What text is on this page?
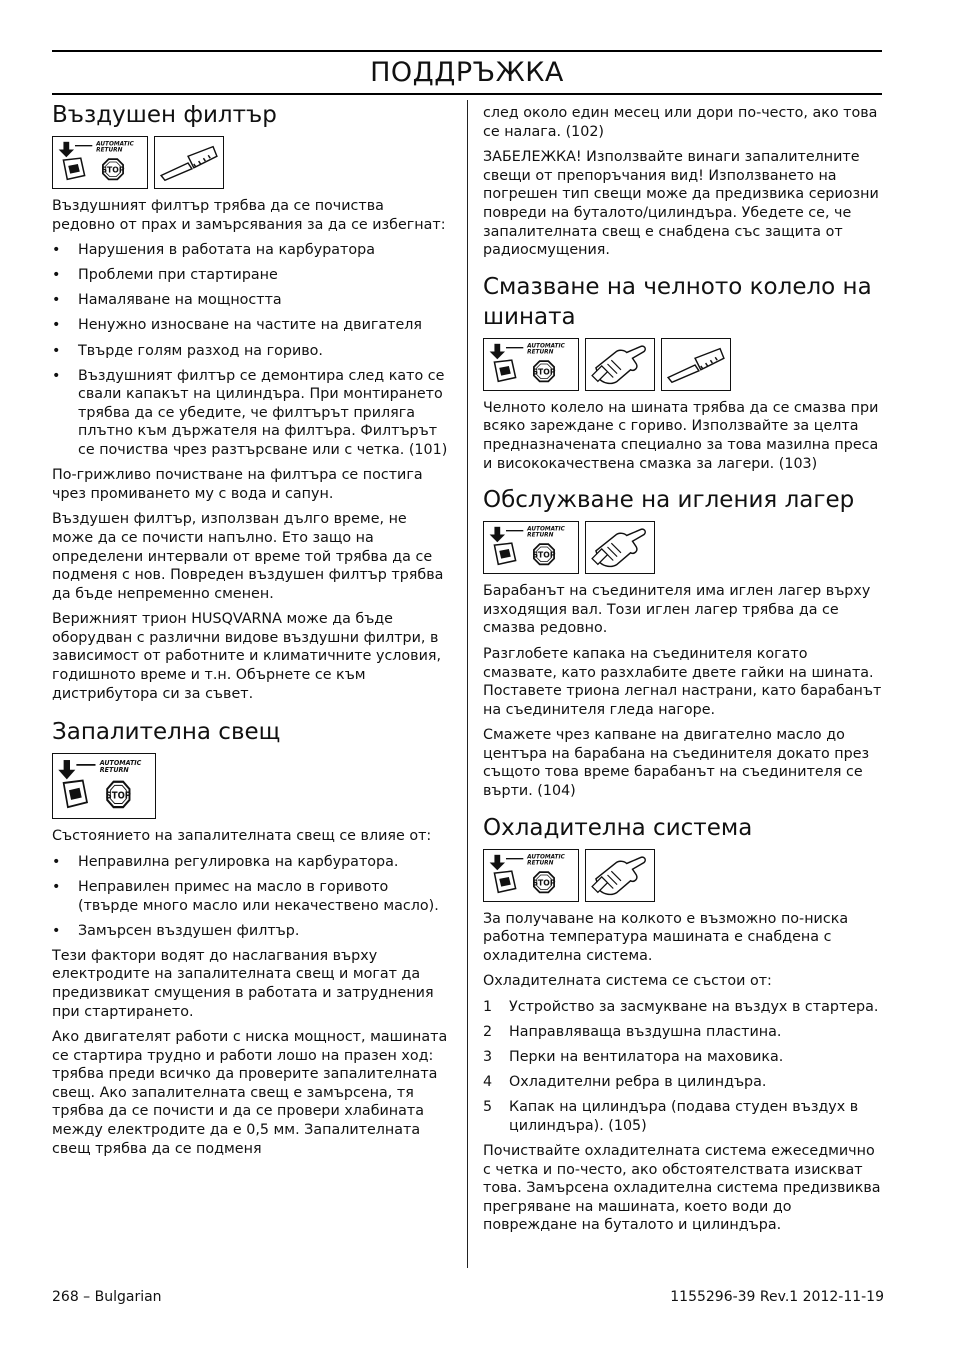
ПОДДРЪЖКА
Въздушен филтър

Въздушният филтър трябва да се почиства редовно от прах и замърсявания за да се избегнат:

• Нарушения в работата на карбуратора
• Проблеми при стартиране
• Намаляване на мощността
• Ненужно износване на частите на двигателя
• Твърде голям разход на гориво.
• Въздушният филтър се демонтира след като се свали капакът на цилиндъра. При монтирането трябва да се убедите, че филтърът приляга плътно към държателя на филтъра. Филтърът се почиства чрез разтърсване или с четка. (101)

По-грижливо почистване на филтъра се постига чрез промиването му с вода и сапун.

Въздушен филтър, използван дълго време, не може да се почисти напълно. Ето защо на определени интервали от време той трябва да се подменя с нов. Повреден въздушен филтър трябва да бъде непременно сменен.

Верижният трион HUSQVARNA може да бъде оборудван с различни видове въздушни филтри, в зависимост от работните и климатичните условия, годишното време и т.н. Обърнете се към дистрибутора си за съвет.

Запалителна свещ

Състоянието на запалителната свещ се влияе от:

• Неправилна регулировка на карбуратора.
• Неправилен примес на масло в горивото (твърде много масло или некачествено масло).
• Замърсен въздушен филтър.

Тези фактори водят до наслагвания върху електродите на запалителната свещ и могат да предизвикат смущения в работата и затруднения при стартирането.

Ако двигателят работи с ниска мощност, машината се стартира трудно и работи лошо на празен ход: трябва преди всичко да проверите запалителната свещ. Ако запалителната свещ е замърсена, тя трябва да се почисти и да се провери хлабината между електродите да е 0,5 мм. Запалителната свещ трябва да се подменя

след около един месец или дори по-често, ако това се налага. (102)

ЗАБЕЛЕЖКА! Използвайте винаги запалителните свещи от препоръчания вид! Използването на погрешен тип свещи може да предизвика сериозни повреди на буталото/цилиндъра. Убедете се, че запалителната свещ е снабдена със защита от радиосмущения.

Смазване на челното колело на шината

Челното колело на шината трябва да се смазва при всяко зареждане с гориво. Използвайте за целта предназначената специално за това мазилна преса и висококачествена смазка за лагери. (103)

Обслужване на игления лагер

Барабанът на съединителя има иглен лагер върху изходящия вал. Този иглен лагер трябва да се смазва редовно.

Разглобете капака на съединителя когато смазвате, като разхлабите двете гайки на шината. Поставете триона легнал настрани, като барабанът на съединителя гледа нагоре.

Смажете чрез капване на двигателно масло до центъра на барабана на съединителя докато през същото това време барабанът на съединителя се върти. (104)

Охладителна система

За получаване на колкото е възможно по-ниска работна температура машината е снабдена с охладителна система.

Охладителната система се състои от:

1 Устройство за засмукване на въздух в стартера.
2 Направляваща въздушна пластина.
3 Перки на вентилатора на маховика.
4 Охладителни ребра в цилиндъра.
5 Капак на цилиндъра (подава студен въздух в цилиндъра). (105)

Почиствайте охладителната система ежеседмично с четка и по-често, ако обстоятелствата изискват това. Замърсена охладителна система предизвиква прегряване на машината, което води до повреждане на буталото и цилиндъра.

268 – Bulgarian	1155296-39 Rev.1 2012-11-19
